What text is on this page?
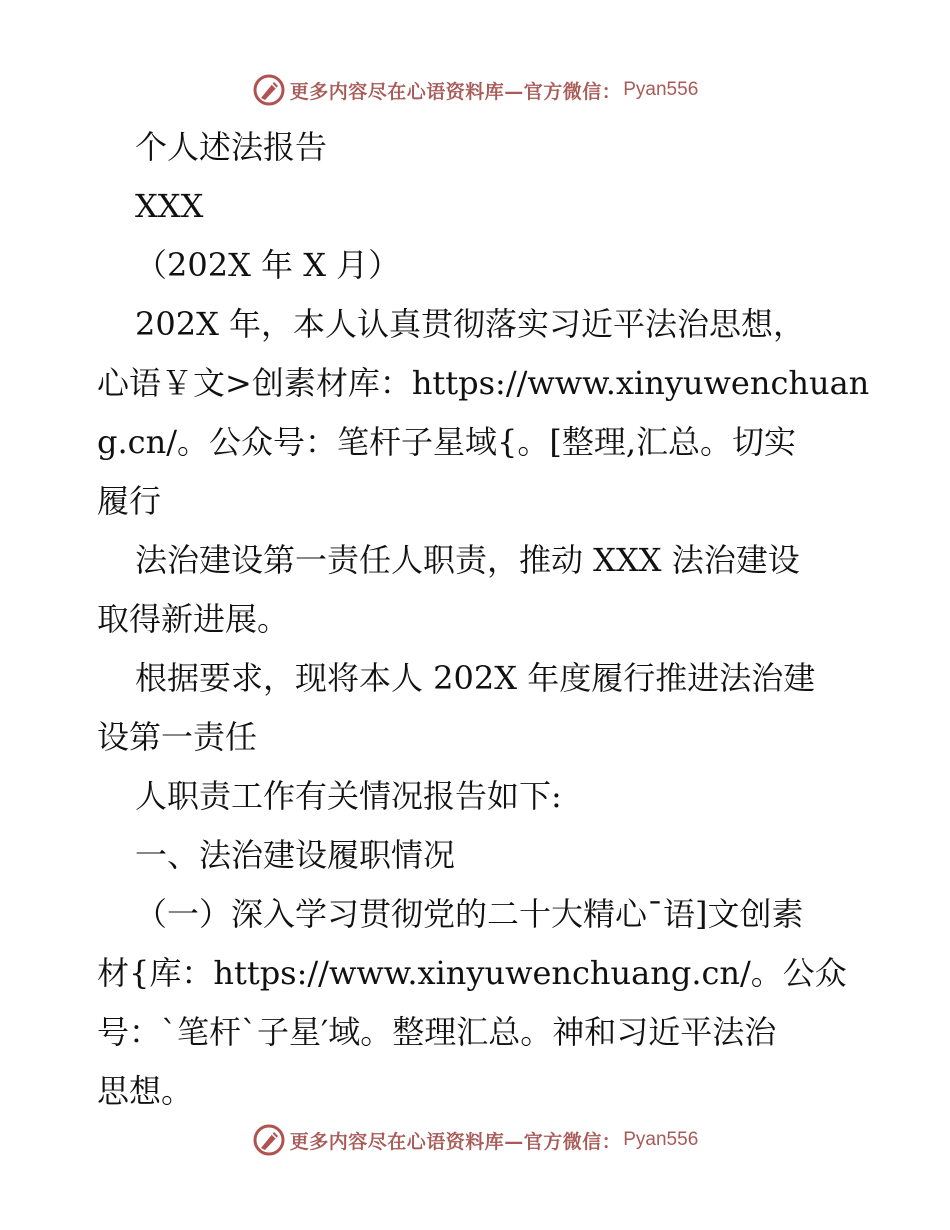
更多内容尽在心语资料库—官方微信： Pyan556
个人述法报告
XXX
（202X 年 X 月）
202X 年，本人认真贯彻落实习近平法治思想，
心语￥文>创素材库：https://www.xinyuwenchuan
g.cn/。公众号：笔杆子星域{。[整理,汇总。切实
履行
法治建设第一责任人职责，推动 XXX 法治建设
取得新进展。
根据要求，现将本人 202X 年度履行推进法治建
设第一责任
人职责工作有关情况报告如下:
一、法治建设履职情况
（一）深入学习贯彻党的二十大精心¯语]文创素
材{库：https://www.xinyuwenchuang.cn/。公众
号：`笔杆`子星′域。整理汇总。神和习近平法治
思想。
更多内容尽在心语资料库—官方微信： Pyan556
